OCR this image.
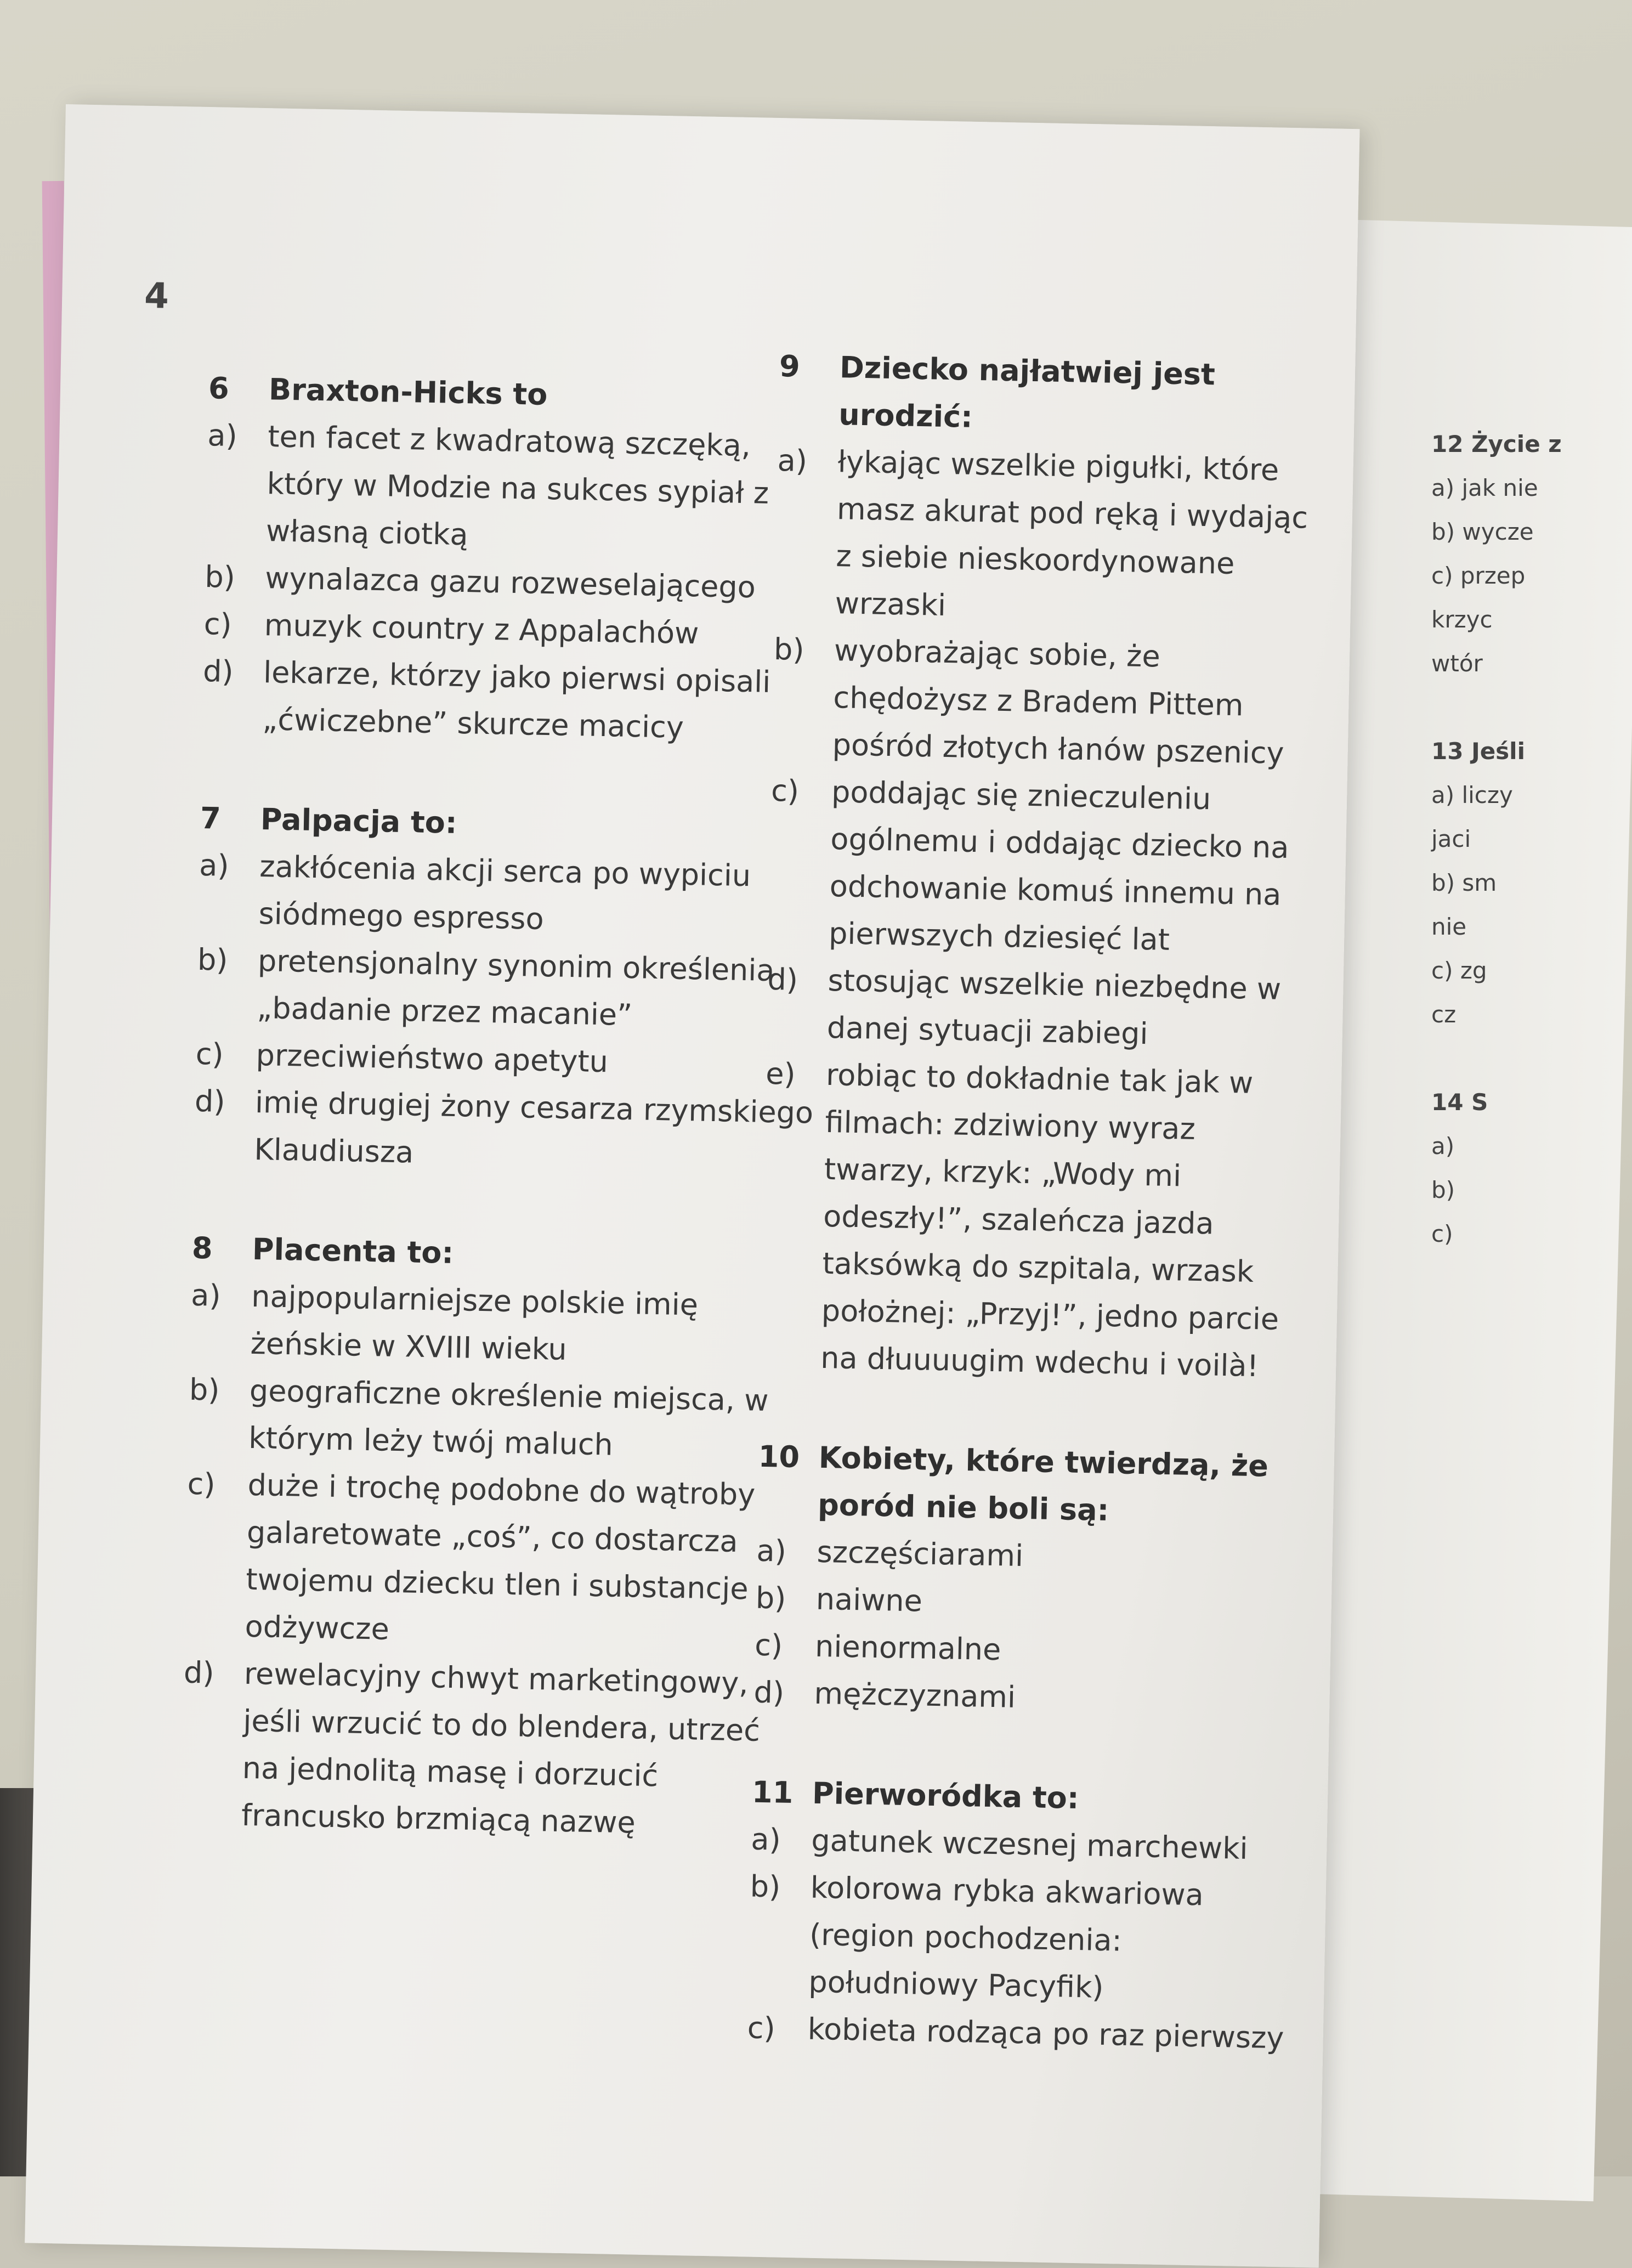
4
6	Braxton-Hicks to
a)	ten facet z kwadratową szczęką, który w Modzie na sukces sypiał z własną ciotką
b) wynalazca gazu rozweselającego
c)	muzyk country z Appalachów
d) lekarze, którzy jako pierwsi opisali „ćwiczebne” skurcze macicy
7	Palpacja to:
a)	zakłócenia akcji serca po wypiciu siódmego espresso
b) pretensjonalny synonim określenia „badanie przez macanie”
c)	przeciwieństwo apetytu
d) imię drugiej żony cesarza rzymskiego Klaudiusza
8	Placenta to:
a)	najpopularniejsze polskie imię żeńskie w XVIII wieku
b) geograficzne określenie miejsca, w którym leży twój maluch
c)	duże i trochę podobne do wątroby galaretowate „coś”, co dostarcza twojemu dziecku tlen i substancje odżywcze
d) rewelacyjny chwyt marketingowy, jeśli wrzucić to do blendera, utrzeć na jednolitą masę i dorzucić francusko brzmiącą nazwę
9	Dziecko najłatwiej jest urodzić:
a)	łykając wszelkie pigułki, które masz akurat pod ręką i wydając z siebie nieskoordynowane wrzaski
b) wyobrażając sobie, że chędożysz z Bradem Pittem pośród złotych łanów pszenicy
c)	poddając się znieczuleniu ogólnemu i oddając dziecko na odchowanie komuś innemu na pierwszych dziesięć lat
d) stosując wszelkie niezbędne w danej sytuacji zabiegi
e)	robiąc to dokładnie tak jak w filmach: zdziwiony wyraz twarzy, krzyk: „Wody mi odeszły!”, szaleńcza jazda taksówką do szpitala, wrzask położnej: „Przyj!”, jedno parcie na dłuuuugim wdechu i voilà!
10 Kobiety, które twierdzą, że poród nie boli są:
a)	szczęściarami
b) naiwne
c)	nienormalne
d) mężczyznami
11 Pierworódka to:
a)	gatunek wczesnej marchewki
b) kolorowa rybka akwariowa (region pochodzenia: południowy Pacyfik)
c)	kobieta rodząca po raz pierwszy
12 Życie z
a) jak nie
b) wycze
c) przep
krzyc
wtór

13 Jeśli
a) liczy
jaci
b) sm
nie
c) zg
cz

14 S
a)
b)
c)
